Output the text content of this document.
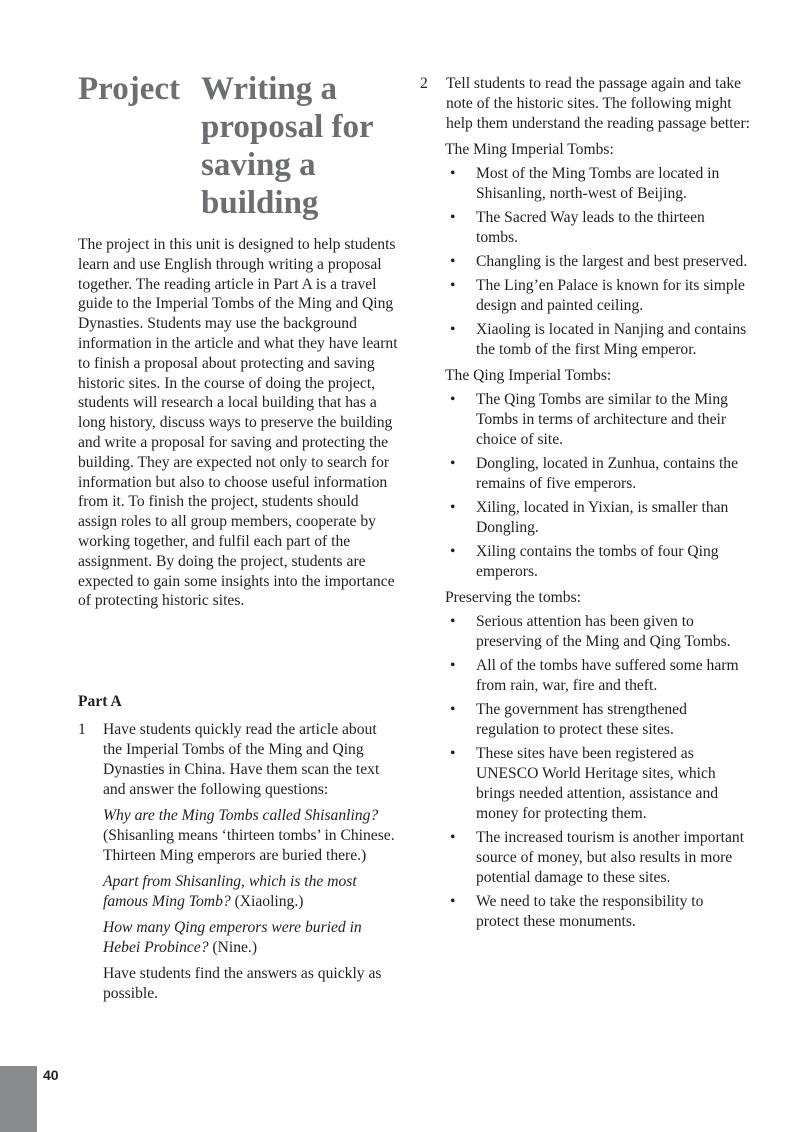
Project Writing a
proposal for
saving a
building

The project in this unit is designed to help students learn and use English through writing a proposal together. The reading article in Part A is a travel guide to the Imperial Tombs of the Ming and Qing Dynasties. Students may use the background information in the article and what they have learnt to finish a proposal about protecting and saving historic sites. In the course of doing the project, students will research a local building that has a long history, discuss ways to preserve the building and write a proposal for saving and protecting the building. They are expected not only to search for information but also to choose useful information from it. To finish the project, students should assign roles to all group members, cooperate by working together, and fulfil each part of the assignment. By doing the project, students are expected to gain some insights into the importance of protecting historic sites.

Part A
1 Have students quickly read the article about the Imperial Tombs of the Ming and Qing Dynasties in China. Have them scan the text and answer the following questions:

Why are the Ming Tombs called Shisanling? (Shisanling means ‘thirteen tombs’ in Chinese. Thirteen Ming emperors are buried there.)

Apart from Shisanling, which is the most famous Ming Tomb? (Xiaoling.)

How many Qing emperors were buried in Hebei Probince? (Nine.)

Have students find the answers as quickly as possible.

2 Tell students to read the passage again and take note of the historic sites. The following might help them understand the reading passage better:

The Ming Imperial Tombs:

• Most of the Ming Tombs are located in Shisanling, north-west of Beijing.
• The Sacred Way leads to the thirteen tombs.
• Changling is the largest and best preserved.
• The Ling’en Palace is known for its simple design and painted ceiling.
• Xiaoling is located in Nanjing and contains the tomb of the first Ming emperor.

The Qing Imperial Tombs:

• The Qing Tombs are similar to the Ming Tombs in terms of architecture and their choice of site.
• Dongling, located in Zunhua, contains the remains of five emperors.
• Xiling, located in Yixian, is smaller than Dongling.
• Xiling contains the tombs of four Qing emperors.

Preserving the tombs:

• Serious attention has been given to preserving of the Ming and Qing Tombs.
• All of the tombs have suffered some harm from rain, war, fire and theft.
• The government has strengthened regulation to protect these sites.
• These sites have been registered as UNESCO World Heritage sites, which brings needed attention, assistance and money for protecting them.
• The increased tourism is another important source of money, but also results in more potential damage to these sites.
• We need to take the responsibility to protect these monuments.
40
